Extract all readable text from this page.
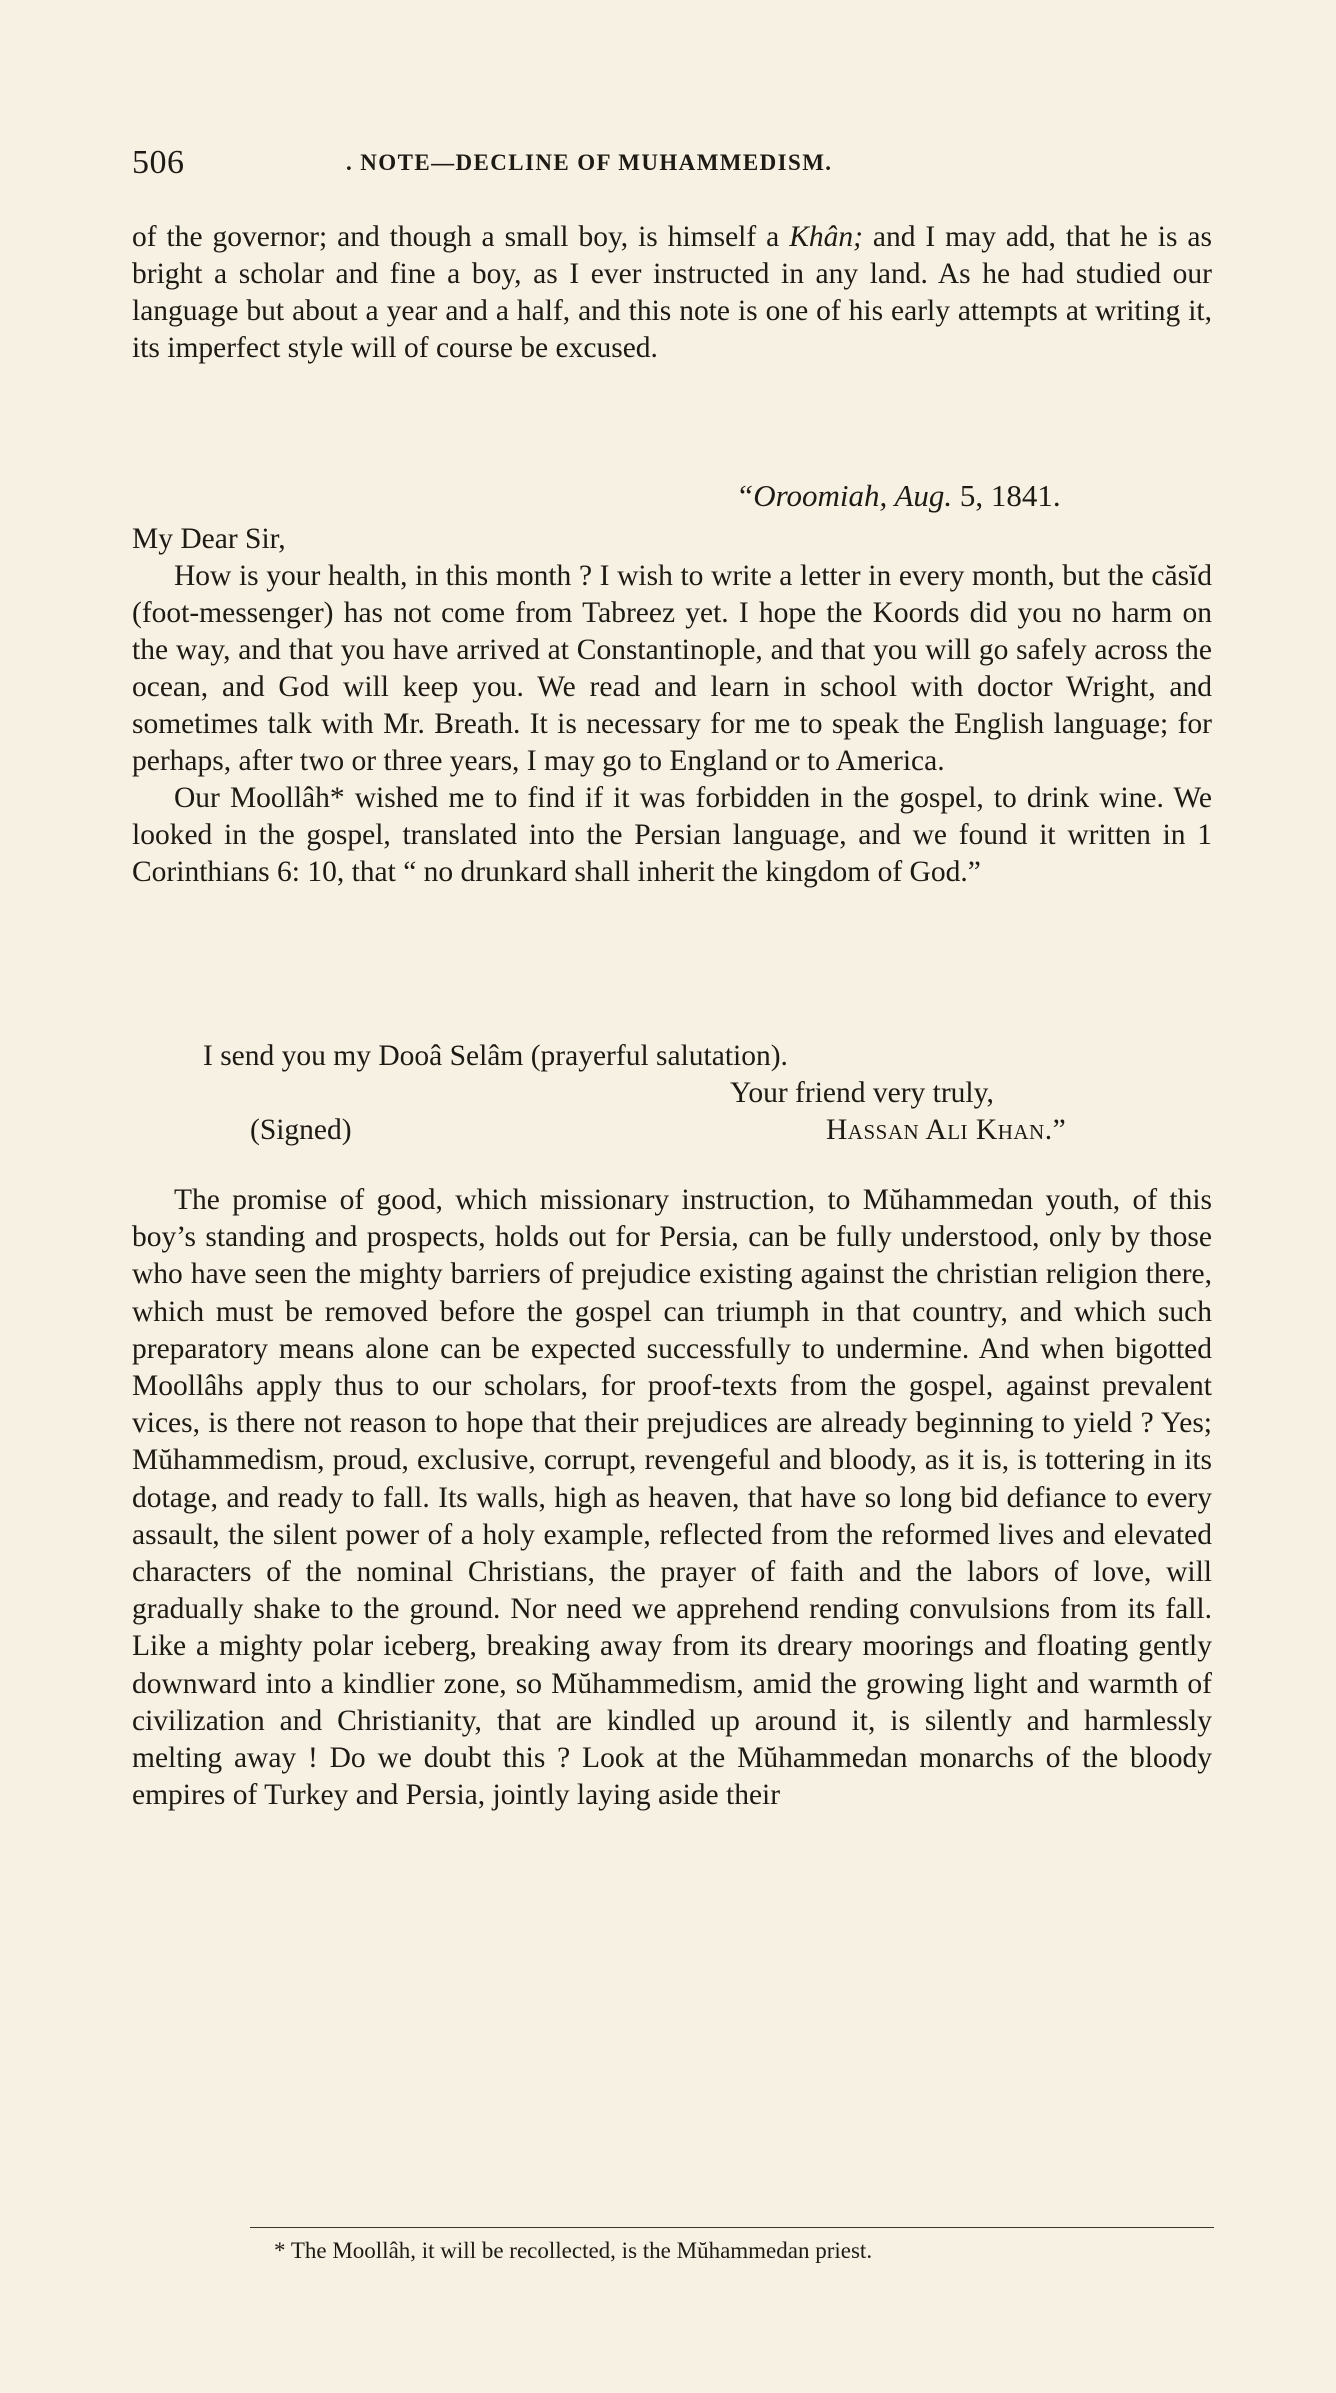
506	. NOTE—DECLINE OF MUHAMMEDISM.

of the governor; and though a small boy, is himself a Khân; and I may add, that he is as bright a scholar and fine a boy, as I ever instructed in any land. As he had studied our language but about a year and a half, and this note is one of his early attempts at writing it, its imperfect style will of course be excused.

“Oroomiah, Aug. 5, 1841.
My Dear Sir,

How is your health, in this month ? I wish to write a letter in every month, but the căsĭd (foot-messenger) has not come from Tabreez yet. I hope the Koords did you no harm on the way, and that you have arrived at Constantinople, and that you will go safely across the ocean, and God will keep you. We read and learn in school with doctor Wright, and sometimes talk with Mr. Breath. It is necessary for me to speak the English language; for perhaps, after two or three years, I may go to England or to America.

Our Moollâh* wished me to find if it was forbidden in the gospel, to drink wine. We looked in the gospel, translated into the Persian language, and we found it written in 1 Corinthians 6: 10, that “ no drunkard shall inherit the kingdom of God.”

I send you my Dooâ Selâm (prayerful salutation).
Your friend very truly,
(Signed)	Hassan Ali Khan.”

The promise of good, which missionary instruction, to Mŭhammedan youth, of this boy’s standing and prospects, holds out for Persia, can be fully understood, only by those who have seen the mighty barriers of prejudice existing against the christian religion there, which must be removed before the gospel can triumph in that country, and which such preparatory means alone can be expected successfully to undermine. And when bigotted Moollâhs apply thus to our scholars, for proof-texts from the gospel, against prevalent vices, is there not reason to hope that their prejudices are already beginning to yield ? Yes; Mŭhammedism, proud, exclusive, corrupt, revengeful and bloody, as it is, is tottering in its dotage, and ready to fall. Its walls, high as heaven, that have so long bid defiance to every assault, the silent power of a holy example, reflected from the reformed lives and elevated characters of the nominal Christians, the prayer of faith and the labors of love, will gradually shake to the ground. Nor need we apprehend rending convulsions from its fall. Like a mighty polar iceberg, breaking away from its dreary moorings and floating gently downward into a kindlier zone, so Mŭhammedism, amid the growing light and warmth of civilization and Christianity, that are kindled up around it, is silently and harmlessly melting away ! Do we doubt this ? Look at the Mŭhammedan monarchs of the bloody empires of Turkey and Persia, jointly laying aside their

* The Moollâh, it will be recollected, is the Mŭhammedan priest.
